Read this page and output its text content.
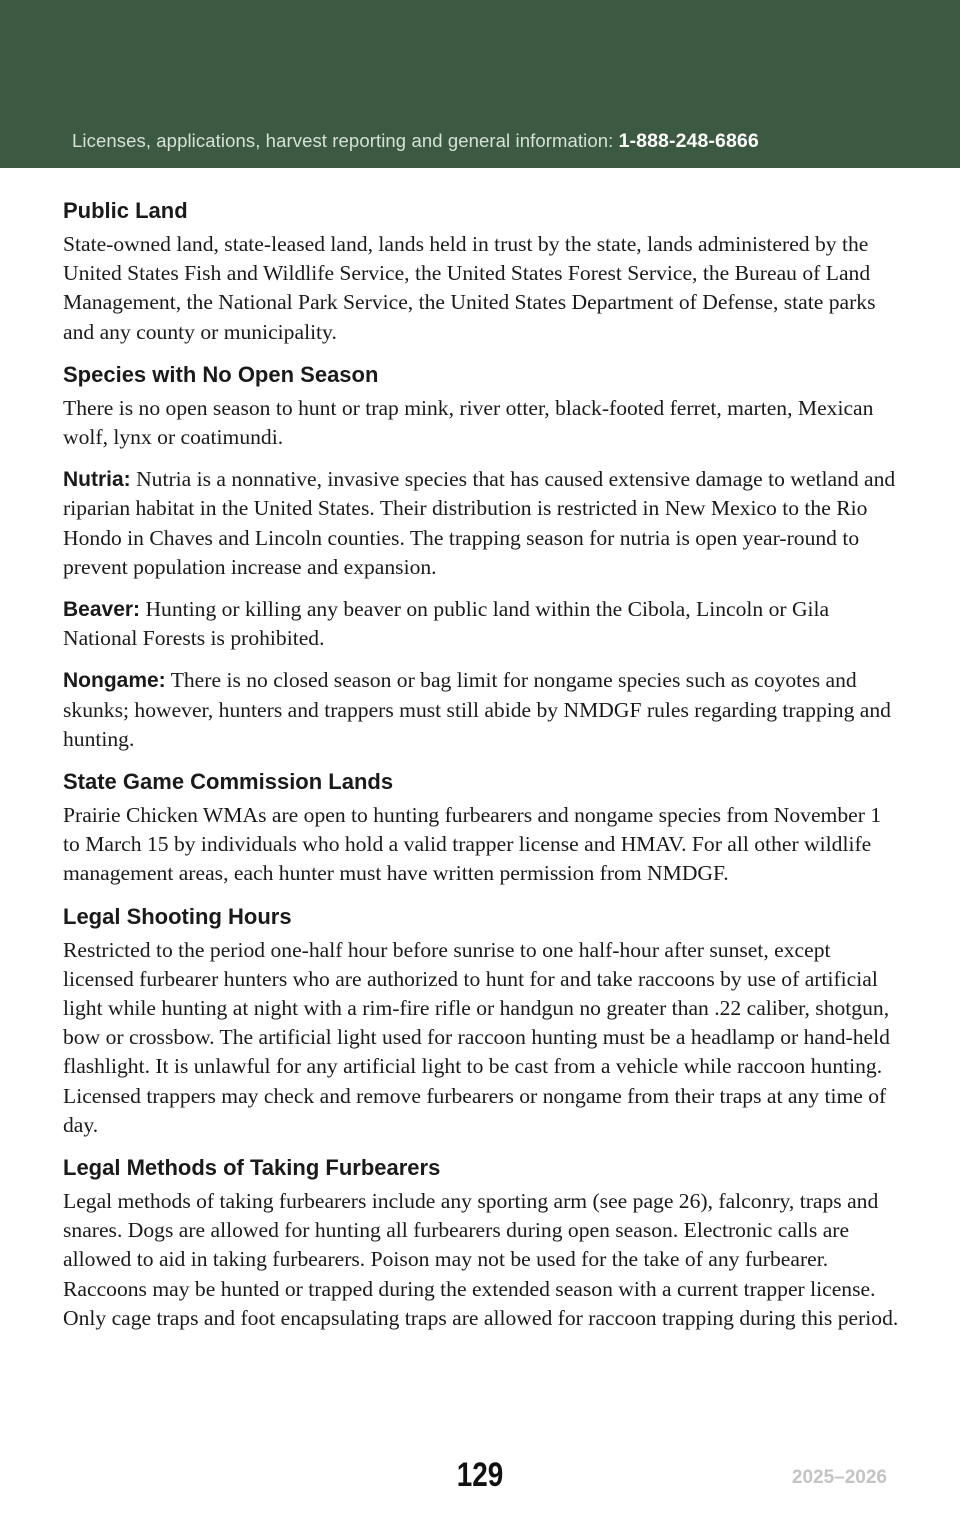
Licenses, applications, harvest reporting and general information: 1-888-248-6866
Public Land

State-owned land, state-leased land, lands held in trust by the state, lands administered by the United States Fish and Wildlife Service, the United States Forest Service, the Bureau of Land Management, the National Park Service, the United States Department of Defense, state parks and any county or municipality.

Species with No Open Season

There is no open season to hunt or trap mink, river otter, black-footed ferret, marten, Mexican wolf, lynx or coatimundi.

Nutria: Nutria is a nonnative, invasive species that has caused extensive damage to wetland and riparian habitat in the United States. Their distribution is restricted in New Mexico to the Rio Hondo in Chaves and Lincoln counties. The trapping season for nutria is open year-round to prevent population increase and expansion.

Beaver: Hunting or killing any beaver on public land within the Cibola, Lincoln or Gila National Forests is prohibited.

Nongame: There is no closed season or bag limit for nongame species such as coyotes and skunks; however, hunters and trappers must still abide by NMDGF rules regarding trapping and hunting.

State Game Commission Lands

Prairie Chicken WMAs are open to hunting furbearers and nongame species from November 1 to March 15 by individuals who hold a valid trapper license and HMAV. For all other wildlife management areas, each hunter must have written permission from NMDGF.

Legal Shooting Hours

Restricted to the period one-half hour before sunrise to one half-hour after sunset, except licensed furbearer hunters who are authorized to hunt for and take raccoons by use of artificial light while hunting at night with a rim-fire rifle or handgun no greater than .22 caliber, shotgun, bow or crossbow. The artificial light used for raccoon hunting must be a headlamp or hand-held flashlight. It is unlawful for any artificial light to be cast from a vehicle while raccoon hunting. Licensed trappers may check and remove furbearers or nongame from their traps at any time of day.

Legal Methods of Taking Furbearers

Legal methods of taking furbearers include any sporting arm (see page 26), falconry, traps and snares. Dogs are allowed for hunting all furbearers during open season. Electronic calls are allowed to aid in taking furbearers. Poison may not be used for the take of any furbearer. Raccoons may be hunted or trapped during the extended season with a current trapper license. Only cage traps and foot encapsulating traps are allowed for raccoon trapping during this period.

129	2025–2026
